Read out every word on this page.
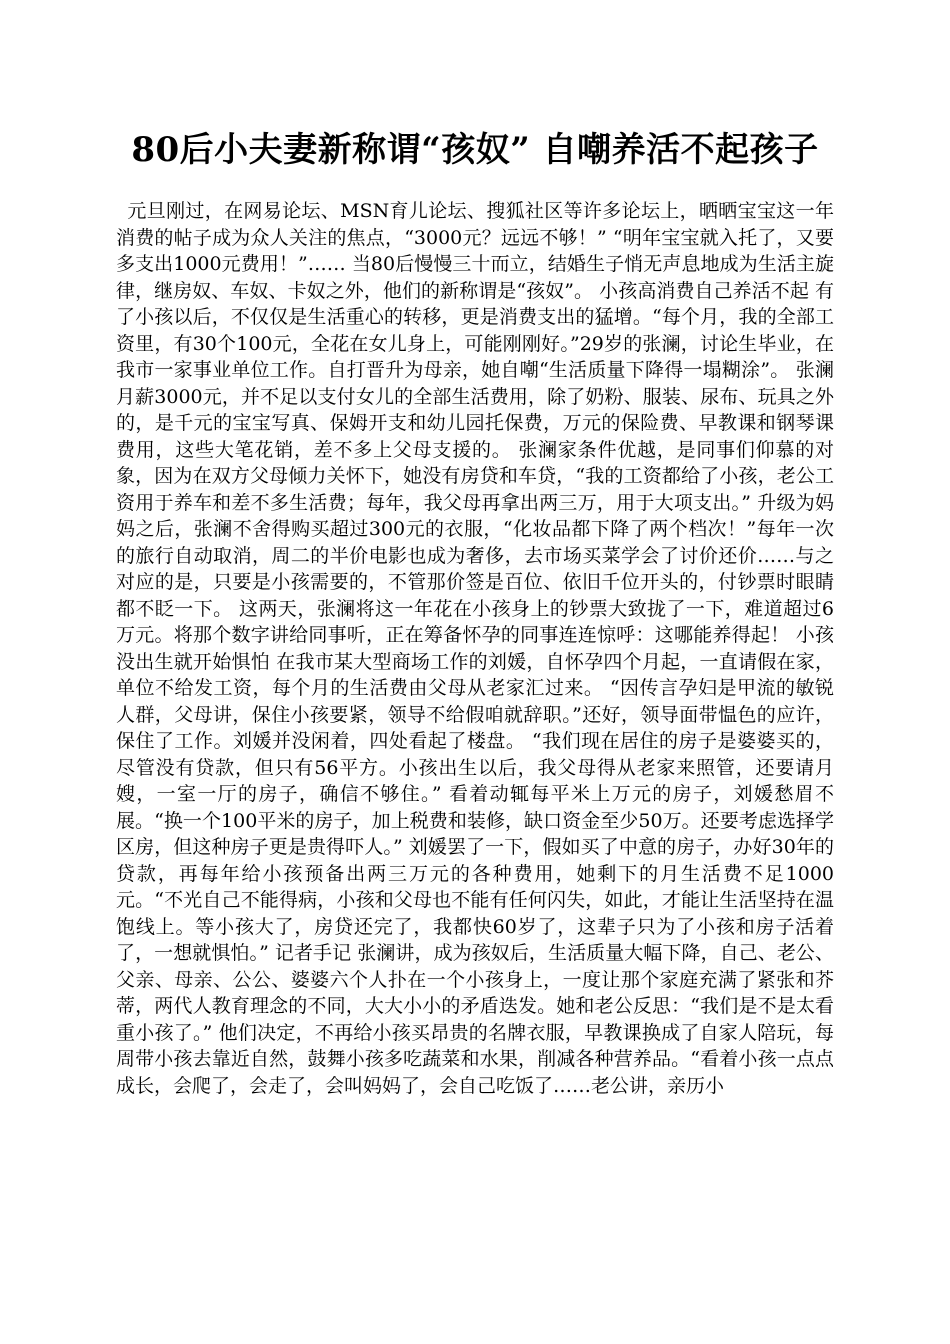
80后小夫妻新称谓“孩奴” 自嘲养活不起孩子

元旦刚过，在网易论坛、MSN育儿论坛、搜狐社区等许多论坛上，晒晒宝宝这一年消费的帖子成为众人关注的焦点，“3000元？远远不够！” “明年宝宝就入托了，又要多支出1000元费用！”…… 当80后慢慢三十而立，结婚生子悄无声息地成为生活主旋律，继房奴、车奴、卡奴之外，他们的新称谓是“孩奴”。 小孩高消费自己养活不起 有了小孩以后，不仅仅是生活重心的转移，更是消费支出的猛增。“每个月，我的全部工资里，有30个100元，全花在女儿身上，可能刚刚好。”29岁的张澜，讨论生毕业，在我市一家事业单位工作。自打晋升为母亲，她自嘲“生活质量下降得一塌糊涂”。 张澜月薪3000元，并不足以支付女儿的全部生活费用，除了奶粉、服装、尿布、玩具之外的，是千元的宝宝写真、保姆开支和幼儿园托保费，万元的保险费、早教课和钢琴课费用，这些大笔花销，差不多上父母支援的。 张澜家条件优越，是同事们仰慕的对象，因为在双方父母倾力关怀下，她没有房贷和车贷，“我的工资都给了小孩，老公工资用于养车和差不多生活费；每年，我父母再拿出两三万，用于大项支出。” 升级为妈妈之后，张澜不舍得购买超过300元的衣服，“化妆品都下降了两个档次！”每年一次的旅行自动取消，周二的半价电影也成为奢侈，去市场买菜学会了讨价还价……与之对应的是，只要是小孩需要的，不管那价签是百位、依旧千位开头的，付钞票时眼睛都不眨一下。 这两天，张澜将这一年花在小孩身上的钞票大致拢了一下，难道超过6万元。将那个数字讲给同事听，正在筹备怀孕的同事连连惊呼：这哪能养得起！ 小孩没出生就开始惧怕 在我市某大型商场工作的刘媛，自怀孕四个月起，一直请假在家，单位不给发工资，每个月的生活费由父母从老家汇过来。 “因传言孕妇是甲流的敏锐人群，父母讲，保住小孩要紧，领导不给假咱就辞职。”还好，领导面带愠色的应许，保住了工作。刘媛并没闲着，四处看起了楼盘。 “我们现在居住的房子是婆婆买的，尽管没有贷款，但只有56平方。小孩出生以后，我父母得从老家来照管，还要请月嫂，一室一厅的房子，确信不够住。” 看着动辄每平米上万元的房子，刘媛愁眉不展。“换一个100平米的房子，加上税费和装修，缺口资金至少50万。还要考虑选择学区房，但这种房子更是贵得吓人。” 刘媛罢了一下，假如买了中意的房子，办好30年的贷款，再每年给小孩预备出两三万元的各种费用，她剩下的月生活费不足1000元。“不光自己不能得病，小孩和父母也不能有任何闪失，如此，才能让生活坚持在温饱线上。等小孩大了，房贷还完了，我都快60岁了，这辈子只为了小孩和房子活着了，一想就惧怕。” 记者手记 张澜讲，成为孩奴后，生活质量大幅下降，自己、老公、父亲、母亲、公公、婆婆六个人扑在一个小孩身上，一度让那个家庭充满了紧张和芥蒂，两代人教育理念的不同，大大小小的矛盾迭发。她和老公反思：“我们是不是太看重小孩了。” 他们决定，不再给小孩买昂贵的名牌衣服，早教课换成了自家人陪玩，每周带小孩去靠近自然，鼓舞小孩多吃蔬菜和水果，削减各种营养品。“看着小孩一点点成长，会爬了，会走了，会叫妈妈了，会自己吃饭了……老公讲，亲历小
